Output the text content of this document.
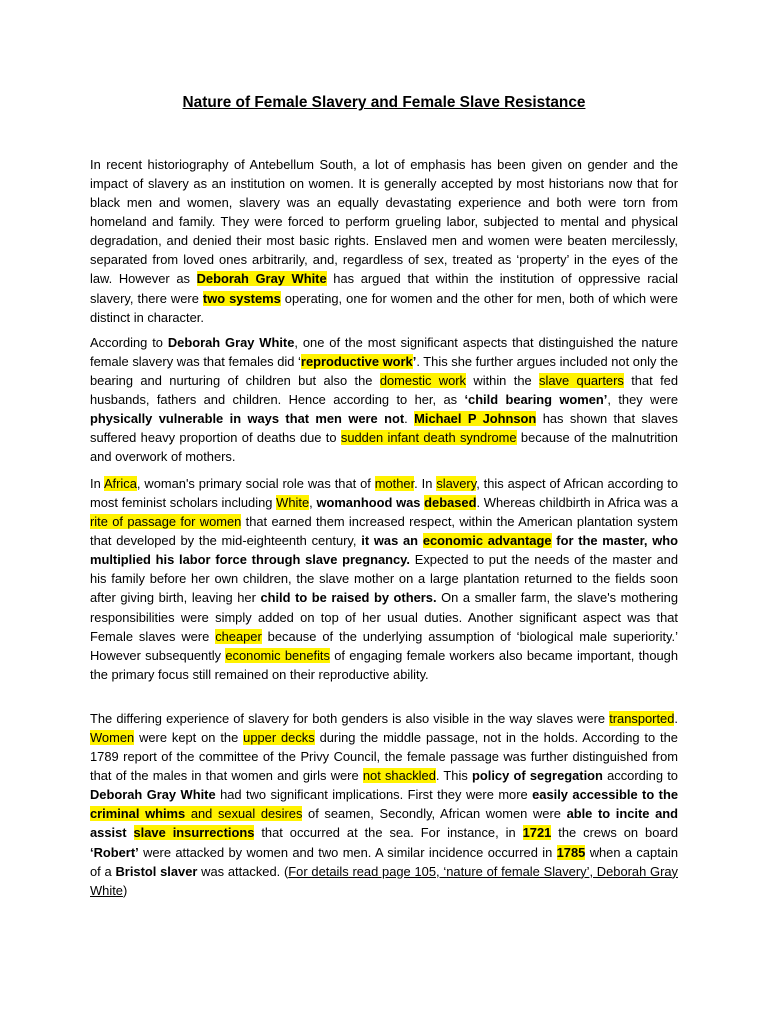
Nature of Female Slavery and Female Slave Resistance

In recent historiography of Antebellum South, a lot of emphasis has been given on gender and the impact of slavery as an institution on women. It is generally accepted by most historians now that for black men and women, slavery was an equally devastating experience and both were torn from homeland and family. They were forced to perform grueling labor, subjected to mental and physical degradation, and denied their most basic rights. Enslaved men and women were beaten mercilessly, separated from loved ones arbitrarily, and, regardless of sex, treated as ‘property’ in the eyes of the law. However as Deborah Gray White has argued that within the institution of oppressive racial slavery, there were two systems operating, one for women and the other for men, both of which were distinct in character.

According to Deborah Gray White, one of the most significant aspects that distinguished the nature female slavery was that females did ‘reproductive work’. This she further argues included not only the bearing and nurturing of children but also the domestic work within the slave quarters that fed husbands, fathers and children. Hence according to her, as ‘child bearing women’, they were physically vulnerable in ways that men were not. Michael P Johnson has shown that slaves suffered heavy proportion of deaths due to sudden infant death syndrome because of the malnutrition and overwork of mothers.

In Africa, woman's primary social role was that of mother. In slavery, this aspect of African according to most feminist scholars including White, womanhood was debased. Whereas childbirth in Africa was a rite of passage for women that earned them increased respect, within the American plantation system that developed by the mid-eighteenth century, it was an economic advantage for the master, who multiplied his labor force through slave pregnancy. Expected to put the needs of the master and his family before her own children, the slave mother on a large plantation returned to the fields soon after giving birth, leaving her child to be raised by others. On a smaller farm, the slave's mothering responsibilities were simply added on top of her usual duties. Another significant aspect was that Female slaves were cheaper because of the underlying assumption of ‘biological male superiority.’ However subsequently economic benefits of engaging female workers also became important, though the primary focus still remained on their reproductive ability.

The differing experience of slavery for both genders is also visible in the way slaves were transported. Women were kept on the upper decks during the middle passage, not in the holds. According to the 1789 report of the committee of the Privy Council, the female passage was further distinguished from that of the males in that women and girls were not shackled. This policy of segregation according to Deborah Gray White had two significant implications. First they were more easily accessible to the criminal whims and sexual desires of seamen, Secondly, African women were able to incite and assist slave insurrections that occurred at the sea. For instance, in 1721 the crews on board ‘Robert’ were attacked by women and two men. A similar incidence occurred in 1785 when a captain of a Bristol slaver was attacked. (For details read page 105, ‘nature of female Slavery’, Deborah Gray White)
